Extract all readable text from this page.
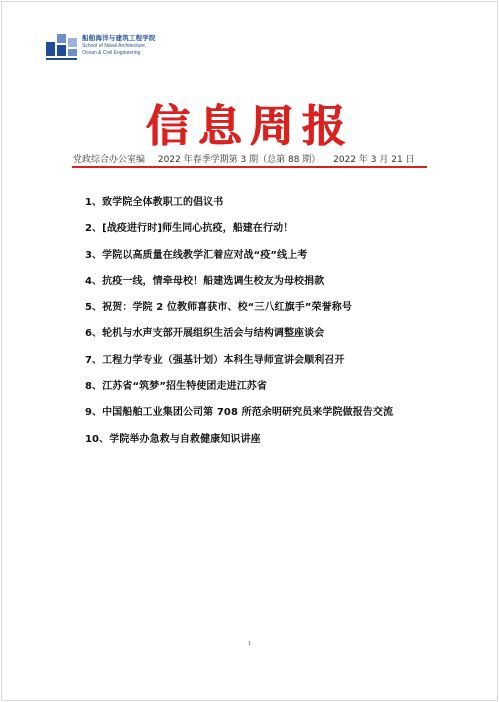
船舶海洋与建筑工程学院
School of Naval Architecture,
Ocean & Civil Engineering
信息周报
党政综合办公室编 2022 年春季学期第 3 期（总第 88 期） 2022 年 3 月 21 日
1、致学院全体教职工的倡议书
2、[战疫进行时]师生同心抗疫，船建在行动！
3、学院以高质量在线教学汇着应对战“疫”线上考
4、抗疫一线，情牵母校！船建选调生校友为母校捐款
5、祝贺：学院 2 位教师喜获市、校“三八红旗手”荣誉称号
6、轮机与水声支部开展组织生活会与结构调整座谈会
7、工程力学专业（强基计划）本科生导师宣讲会顺利召开
8、江苏省“筑梦”招生特使团走进江苏省
9、中国船舶工业集团公司第 708 所范余明研究员来学院做报告交流
10、学院举办急救与自救健康知识讲座
1
